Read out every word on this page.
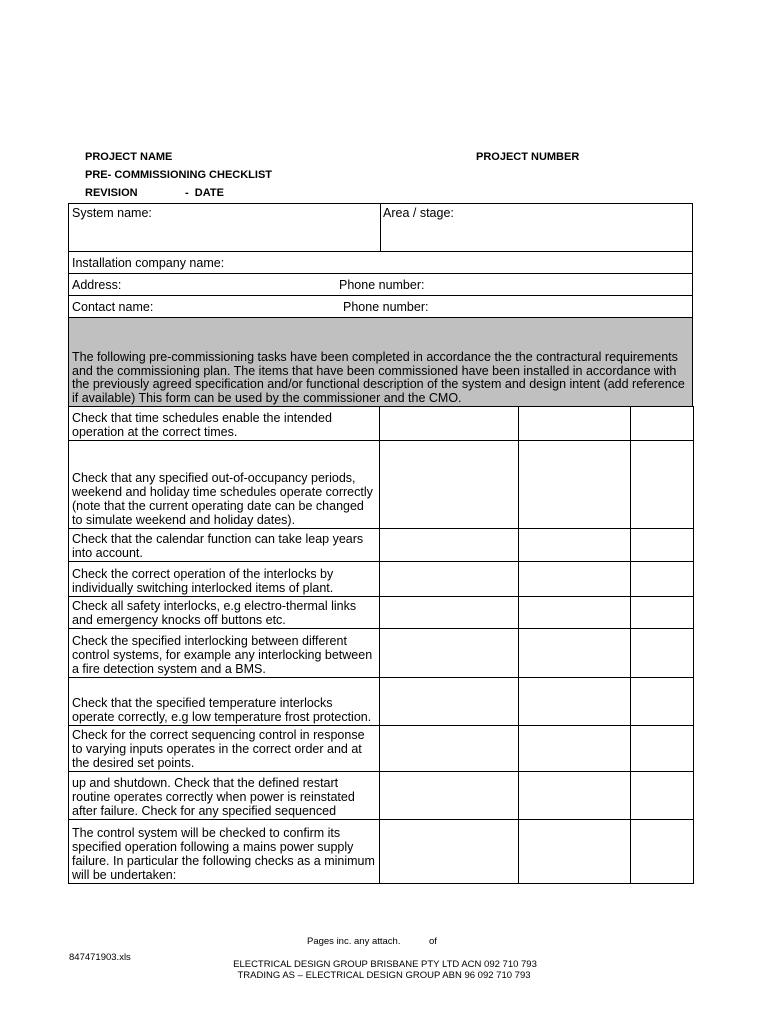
PROJECT NAME	PROJECT NUMBER
PRE- COMMISSIONING CHECKLIST
REVISION	-  DATE
System name:	Area / stage:
Installation company name:
Address:	Phone number:
Contact name:	Phone number:
The following pre-commissioning tasks have been completed in accordance the the contractural requirements and the commissioning plan. The items that have been commissioned have been installed in accordance with the previously agreed specification and/or functional description of the system and design intent (add reference if available) This form can be used by the commissioner and the CMO.
Check that time schedules enable the intended operation at the correct times.			
Check that any specified out-of-occupancy periods, weekend and holiday time schedules operate correctly (note that the current operating date can be changed to simulate weekend and holiday dates).			
Check that the calendar function can take leap years into account.			
Check the correct operation of the interlocks by individually switching interlocked items of plant.			
Check all safety interlocks, e.g electro-thermal links and emergency knocks off buttons etc.			
Check the specified interlocking between different control systems, for example any interlocking between a fire detection system and a BMS.			
Check that the specified temperature interlocks operate correctly, e.g low temperature frost protection.			
Check for the correct sequencing control in response to varying inputs operates in the correct order and at the desired set points.			
up and shutdown. Check that the defined restart routine operates correctly when power is reinstated after failure. Check for any specified sequenced			
The control system will be checked to confirm its specified operation following a mains power supply failure. In particular the following checks as a minimum will be undertaken:			
Pages inc. any attach.	of
847471903.xls
ELECTRICAL DESIGN GROUP BRISBANE PTY LTD ACN 092 710 793
TRADING AS – ELECTRICAL DESIGN GROUP ABN 96 092 710 793
